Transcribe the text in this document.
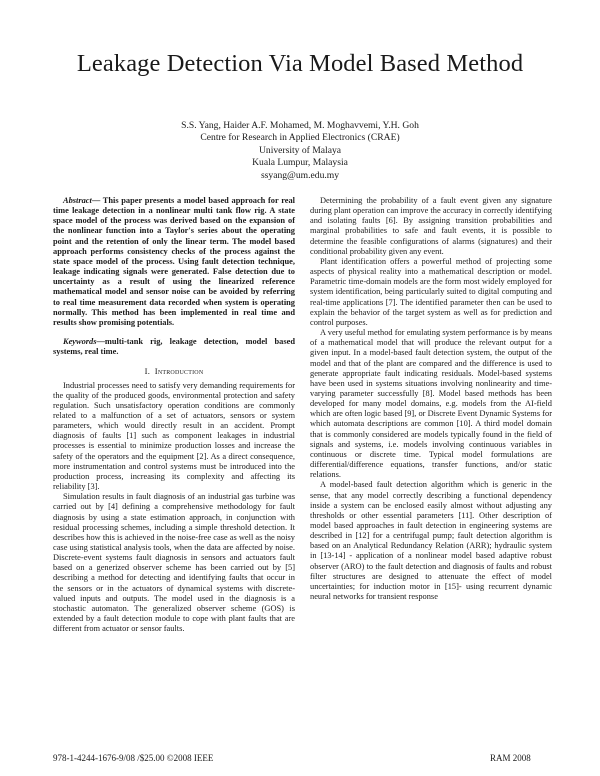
Leakage Detection Via Model Based Method
S.S. Yang, Haider A.F. Mohamed, M. Moghavvemi, Y.H. Goh
Centre for Research in Applied Electronics (CRAE)
University of Malaya
Kuala Lumpur, Malaysia
ssyang@um.edu.my

Abstract— This paper presents a model based approach for real time leakage detection in a nonlinear multi tank flow rig. A state space model of the process was derived based on the expansion of the nonlinear function into a Taylor's series about the operating point and the retention of only the linear term. The model based approach performs consistency checks of the process against the state space model of the process. Using fault detection technique, leakage indicating signals were generated. False detection due to uncertainty as a result of using the linearized reference mathematical model and sensor noise can be avoided by referring to real time measurement data recorded when system is operating normally. This method has been implemented in real time and results show promising potentials.

Keywords—multi-tank rig, leakage detection, model based systems, real time.

I. Introduction

Industrial processes need to satisfy very demanding requirements for the quality of the produced goods, environmental protection and safety regulation. Such unsatisfactory operation conditions are commonly related to a malfunction of a set of actuators, sensors or system parameters, which would directly result in an accident. Prompt diagnosis of faults [1] such as component leakages in industrial processes is essential to minimize production losses and increase the safety of the operators and the equipment [2]. As a direct consequence, more instrumentation and control systems must be introduced into the production process, increasing its complexity and affecting its reliability [3].

Simulation results in fault diagnosis of an industrial gas turbine was carried out by [4] defining a comprehensive methodology for fault diagnosis by using a state estimation approach, in conjunction with residual processing schemes, including a simple threshold detection. It describes how this is achieved in the noise-free case as well as the noisy case using statistical analysis tools, when the data are affected by noise. Discrete-event systems fault diagnosis in sensors and actuators fault based on a generized observer scheme has been carried out by [5] describing a method for detecting and identifying faults that occur in the sensors or in the actuators of dynamical systems with discrete-valued inputs and outputs. The model used in the diagnosis is a stochastic automaton. The generalized observer scheme (GOS) is extended by a fault detection module to cope with plant faults that are different from actuator or sensor faults.

Determining the probability of a fault event given any signature during plant operation can improve the accuracy in correctly identifying and isolating faults [6]. By assigning transition probabilities and marginal probabilities to safe and fault events, it is possible to determine the feasible configurations of alarms (signatures) and their conditional probability given any event.

Plant identification offers a powerful method of projecting some aspects of physical reality into a mathematical description or model. Parametric time-domain models are the form most widely employed for system identification, being particularly suited to digital computing and real-time applications [7]. The identified parameter then can be used to explain the behavior of the target system as well as for prediction and control purposes.

A very useful method for emulating system performance is by means of a mathematical model that will produce the relevant output for a given input. In a model-based fault detection system, the output of the model and that of the plant are compared and the difference is used to generate appropriate fault indicating residuals. Model-based systems have been used in systems situations involving nonlinearity and time-varying parameter successfully [8]. Model based methods has been developed for many model domains, e.g. models from the AI-field which are often logic based [9], or Discrete Event Dynamic Systems for which automata descriptions are common [10]. A third model domain that is commonly considered are models typically found in the field of signals and systems, i.e. models involving continuous variables in continuous or discrete time. Typical model formulations are differential/difference equations, transfer functions, and/or static relations.

A model-based fault detection algorithm which is generic in the sense, that any model correctly describing a functional dependency inside a system can be enclosed easily almost without adjusting any thresholds or other essential parameters [11]. Other description of model based approaches in fault detection in engineering systems are described in [12] for a centrifugal pump; fault detection algorithm is based on an Analytical Redundancy Relation (ARR); hydraulic system in [13-14] - application of a nonlinear model based adaptive robust observer (ARO) to the fault detection and diagnosis of faults and robust filter structures are designed to attenuate the effect of model uncertainties; for induction motor in [15]- using recurrent dynamic neural networks for transient response

978-1-4244-1676-9/08 /$25.00 ©2008 IEEE	RAM 2008
